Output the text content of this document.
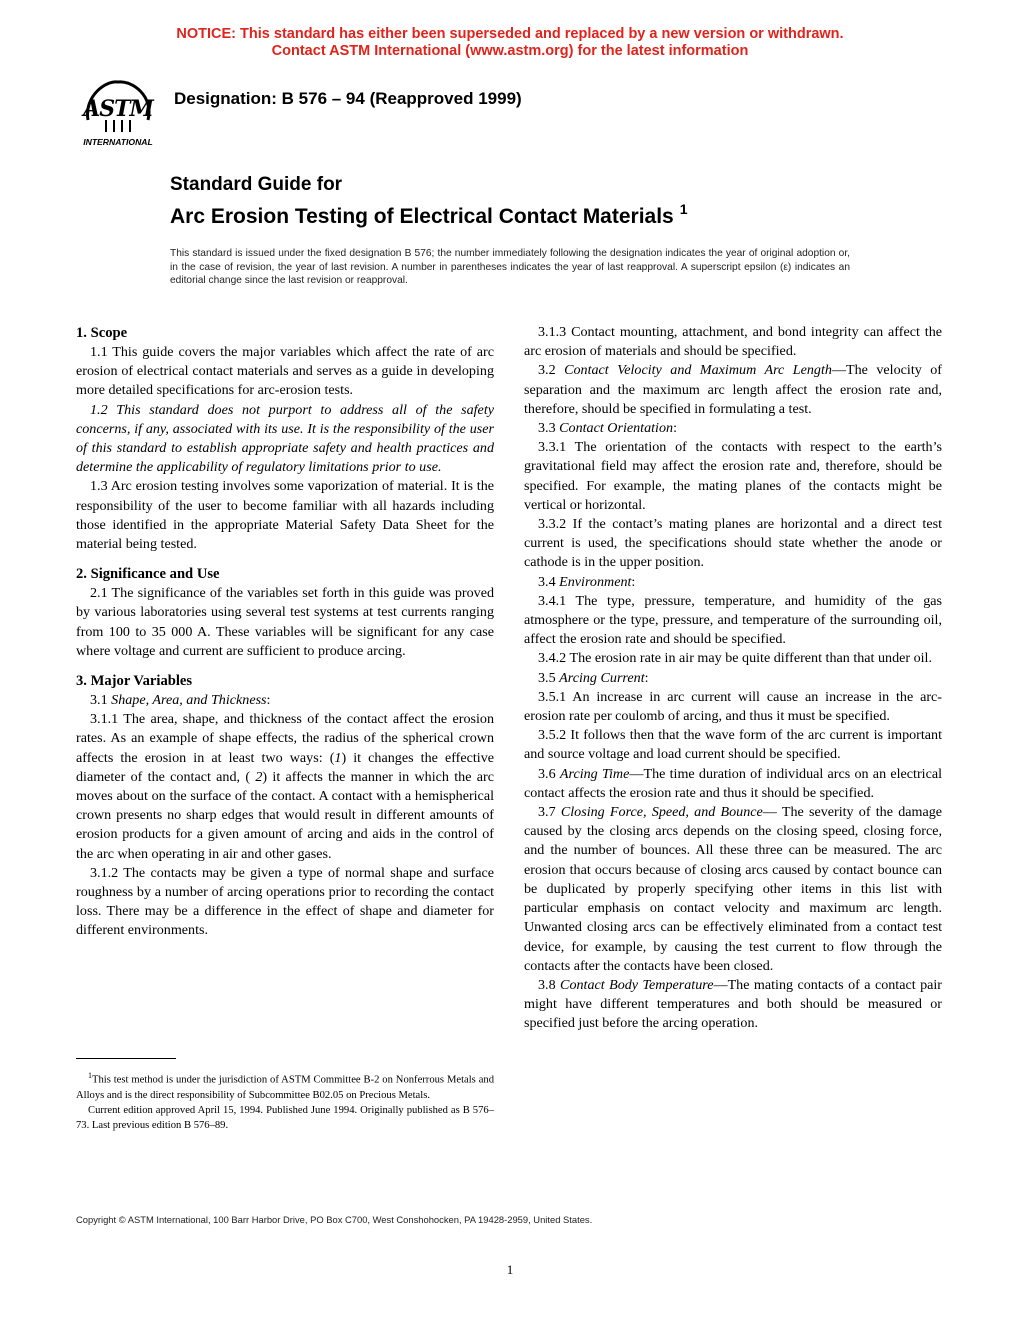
NOTICE: This standard has either been superseded and replaced by a new version or withdrawn.
Contact ASTM International (www.astm.org) for the latest information
ASTM
INTERNATIONAL
Designation: B 576 – 94 (Reapproved 1999)
Standard Guide for
Arc Erosion Testing of Electrical Contact Materials $^1$
This standard is issued under the fixed designation B 576; the number immediately following the designation indicates the year of original adoption or, in the case of revision, the year of last revision. A number in parentheses indicates the year of last reapproval. A superscript epsilon (ε) indicates an editorial change since the last revision or reapproval.
1. Scope

1.1 This guide covers the major variables which affect the rate of arc erosion of electrical contact materials and serves as a guide in developing more detailed specifications for arc-erosion tests.

1.2 This standard does not purport to address all of the safety concerns, if any, associated with its use. It is the responsibility of the user of this standard to establish appropriate safety and health practices and determine the applicability of regulatory limitations prior to use.

1.3 Arc erosion testing involves some vaporization of material. It is the responsibility of the user to become familiar with all hazards including those identified in the appropriate Material Safety Data Sheet for the material being tested.

2. Significance and Use

2.1 The significance of the variables set forth in this guide was proved by various laboratories using several test systems at test currents ranging from 100 to 35 000 A. These variables will be significant for any case where voltage and current are sufficient to produce arcing.

3. Major Variables

3.1 Shape, Area, and Thickness:

3.1.1 The area, shape, and thickness of the contact affect the erosion rates. As an example of shape effects, the radius of the spherical crown affects the erosion in at least two ways: (1) it changes the effective diameter of the contact and, ( 2) it affects the manner in which the arc moves about on the surface of the contact. A contact with a hemispherical crown presents no sharp edges that would result in different amounts of erosion products for a given amount of arcing and aids in the control of the arc when operating in air and other gases.

3.1.2 The contacts may be given a type of normal shape and surface roughness by a number of arcing operations prior to recording the contact loss. There may be a difference in the effect of shape and diameter for different environments.

3.1.3 Contact mounting, attachment, and bond integrity can affect the arc erosion of materials and should be specified.

3.2 Contact Velocity and Maximum Arc Length—The velocity of separation and the maximum arc length affect the erosion rate and, therefore, should be specified in formulating a test.

3.3 Contact Orientation:

3.3.1 The orientation of the contacts with respect to the earth’s gravitational field may affect the erosion rate and, therefore, should be specified. For example, the mating planes of the contacts might be vertical or horizontal.

3.3.2 If the contact’s mating planes are horizontal and a direct test current is used, the specifications should state whether the anode or cathode is in the upper position.

3.4 Environment:

3.4.1 The type, pressure, temperature, and humidity of the gas atmosphere or the type, pressure, and temperature of the surrounding oil, affect the erosion rate and should be specified.

3.4.2 The erosion rate in air may be quite different than that under oil.

3.5 Arcing Current:

3.5.1 An increase in arc current will cause an increase in the arc-erosion rate per coulomb of arcing, and thus it must be specified.

3.5.2 It follows then that the wave form of the arc current is important and source voltage and load current should be specified.

3.6 Arcing Time—The time duration of individual arcs on an electrical contact affects the erosion rate and thus it should be specified.

3.7 Closing Force, Speed, and Bounce— The severity of the damage caused by the closing arcs depends on the closing speed, closing force, and the number of bounces. All these three can be measured. The arc erosion that occurs because of closing arcs caused by contact bounce can be duplicated by properly specifying other items in this list with particular emphasis on contact velocity and maximum arc length. Unwanted closing arcs can be effectively eliminated from a contact test device, for example, by causing the test current to flow through the contacts after the contacts have been closed.

3.8 Contact Body Temperature—The mating contacts of a contact pair might have different temperatures and both should be measured or specified just before the arcing operation.

$^1$This test method is under the jurisdiction of ASTM Committee B-2 on Nonferrous Metals and Alloys and is the direct responsibility of Subcommittee B02.05 on Precious Metals.

Current edition approved April 15, 1994. Published June 1994. Originally published as B 576–73. Last previous edition B 576–89.

Copyright © ASTM International, 100 Barr Harbor Drive, PO Box C700, West Conshohocken, PA 19428-2959, United States.
1
